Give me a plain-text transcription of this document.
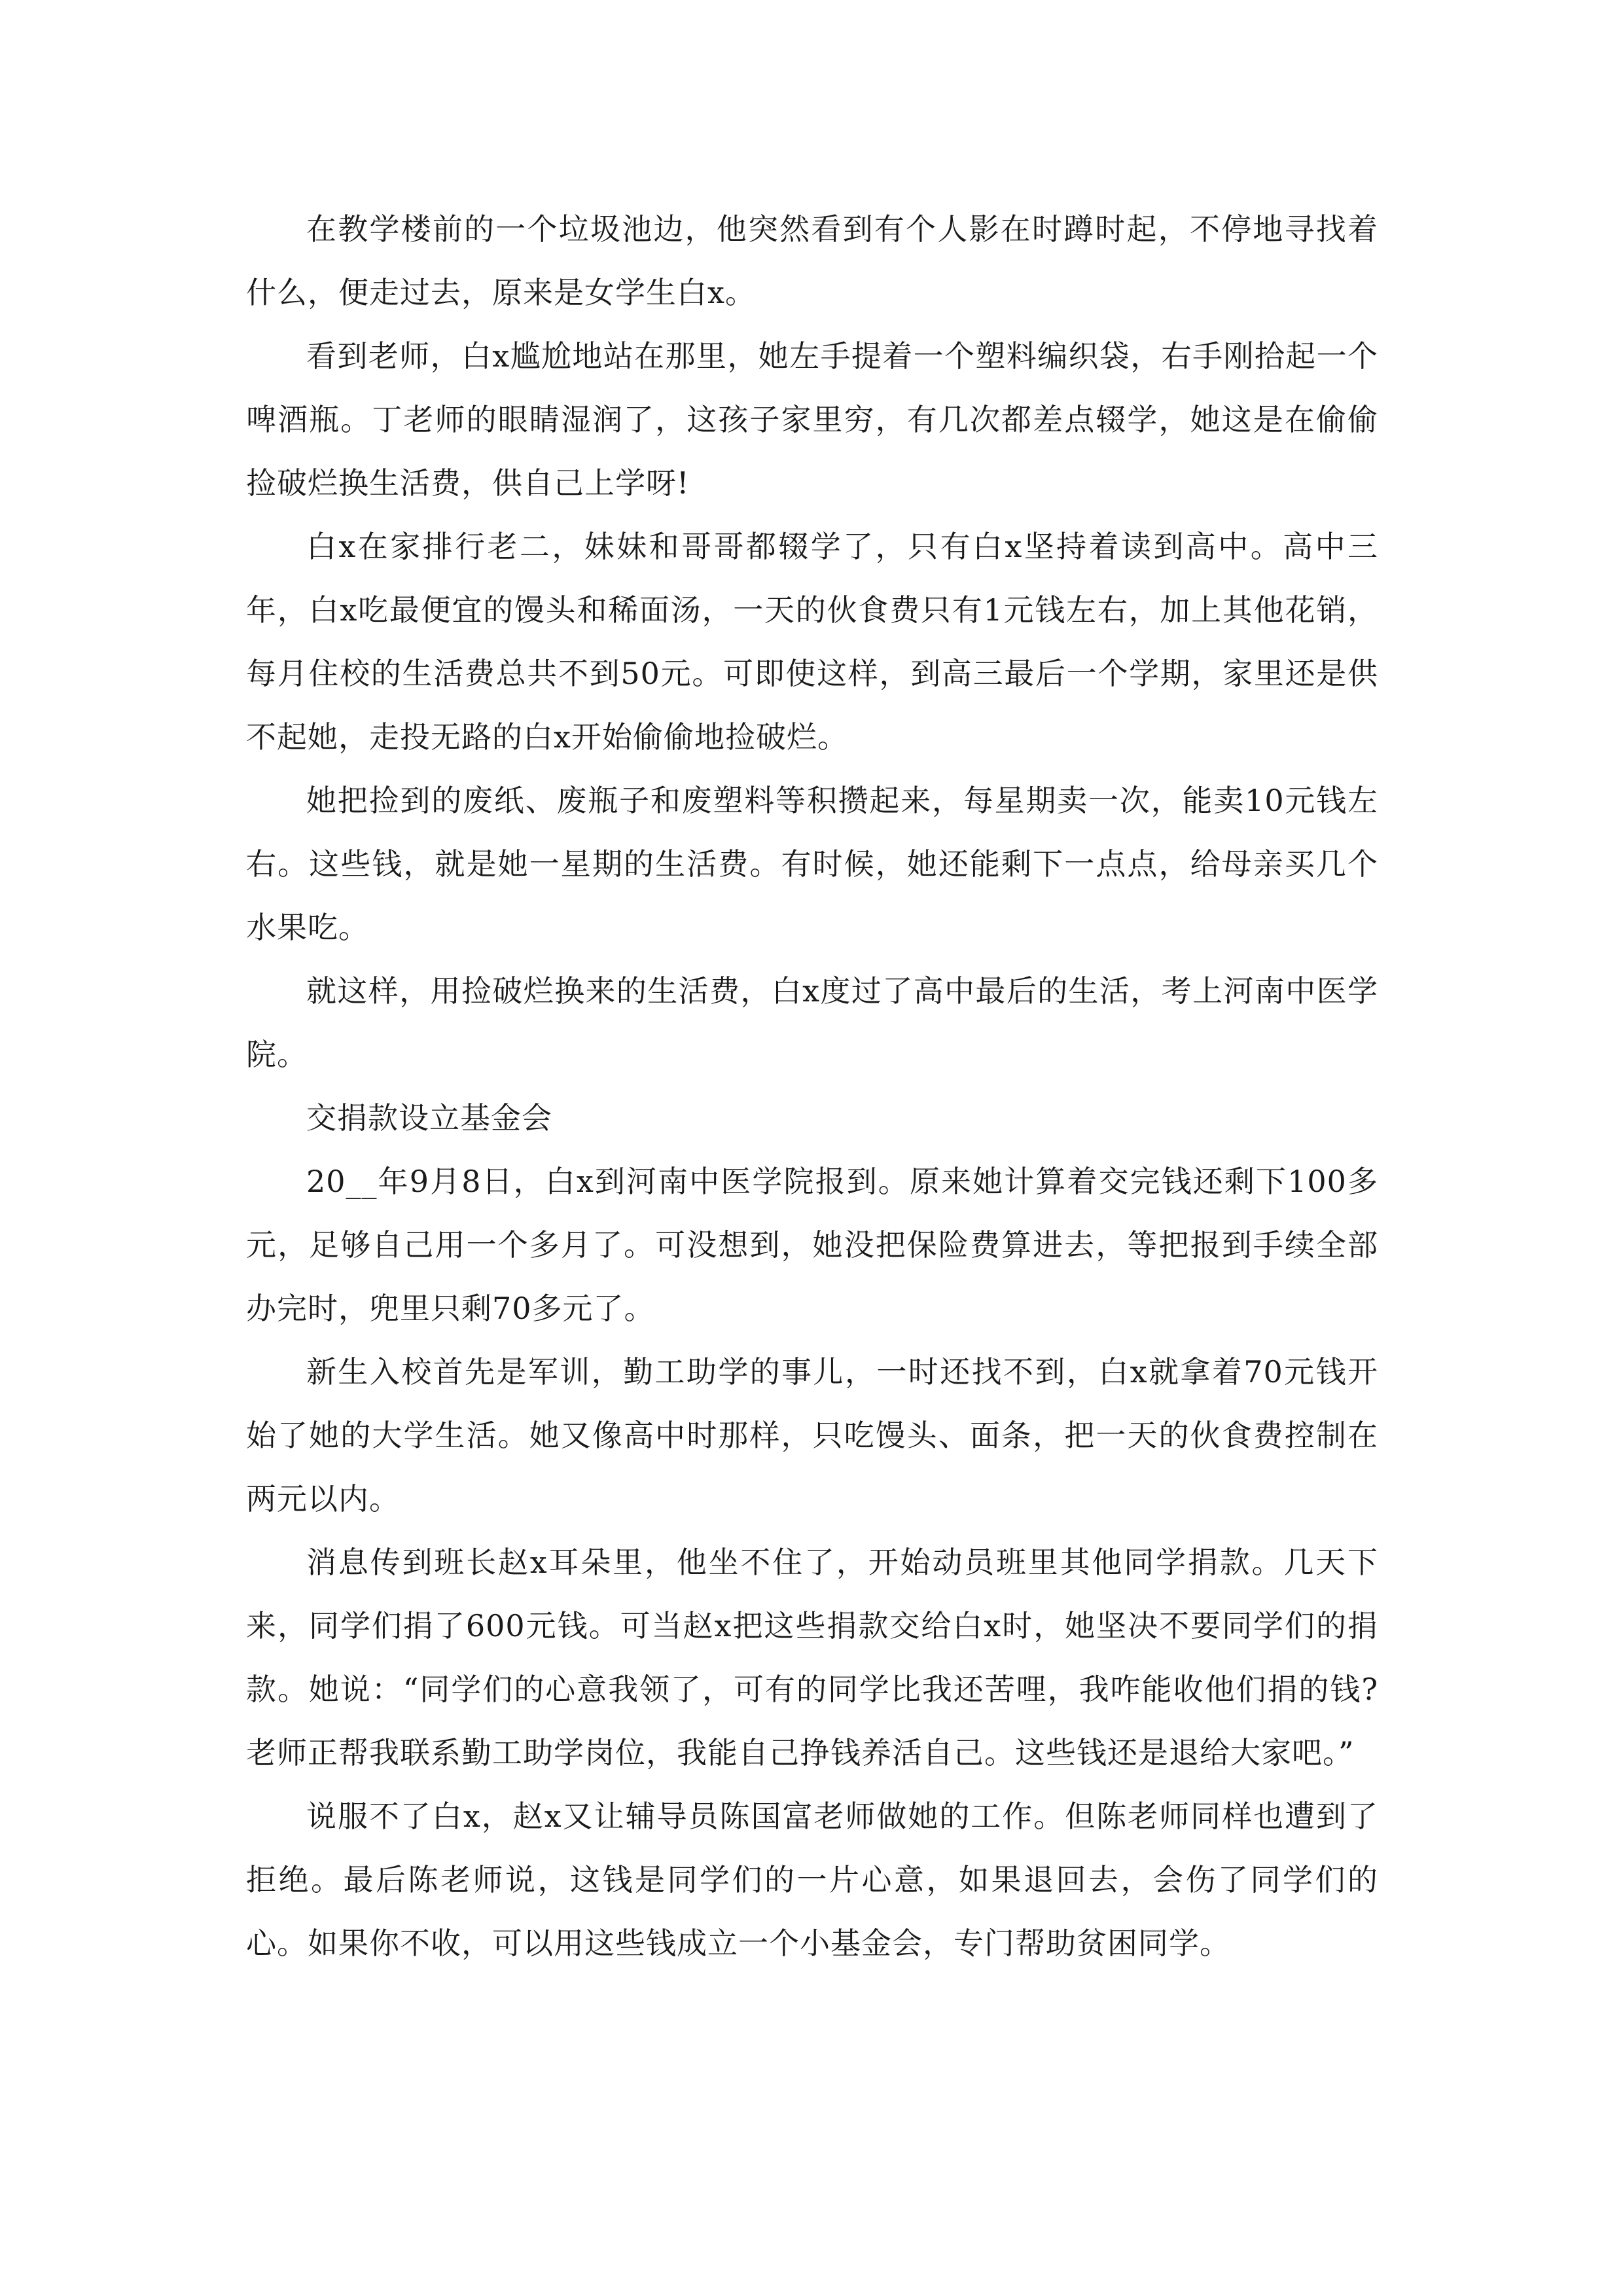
在教学楼前的一个垃圾池边，他突然看到有个人影在时蹲时起，不停地寻找着什么，便走过去，原来是女学生白x。

看到老师，白x尴尬地站在那里，她左手提着一个塑料编织袋，右手刚拾起一个啤酒瓶。丁老师的眼睛湿润了，这孩子家里穷，有几次都差点辍学，她这是在偷偷捡破烂换生活费，供自己上学呀!

白x在家排行老二，妹妹和哥哥都辍学了，只有白x坚持着读到高中。高中三年，白x吃最便宜的馒头和稀面汤，一天的伙食费只有1元钱左右，加上其他花销，每月住校的生活费总共不到50元。可即使这样，到高三最后一个学期，家里还是供不起她，走投无路的白x开始偷偷地捡破烂。

她把捡到的废纸、废瓶子和废塑料等积攒起来，每星期卖一次，能卖10元钱左右。这些钱，就是她一星期的生活费。有时候，她还能剩下一点点，给母亲买几个水果吃。

就这样，用捡破烂换来的生活费，白x度过了高中最后的生活，考上河南中医学院。

交捐款设立基金会

20__年9月8日，白x到河南中医学院报到。原来她计算着交完钱还剩下100多元，足够自己用一个多月了。可没想到，她没把保险费算进去，等把报到手续全部办完时，兜里只剩70多元了。

新生入校首先是军训，勤工助学的事儿，一时还找不到，白x就拿着70元钱开始了她的大学生活。她又像高中时那样，只吃馒头、面条，把一天的伙食费控制在两元以内。

消息传到班长赵x耳朵里，他坐不住了，开始动员班里其他同学捐款。几天下来，同学们捐了600元钱。可当赵x把这些捐款交给白x时，她坚决不要同学们的捐款。她说：“同学们的心意我领了，可有的同学比我还苦哩，我咋能收他们捐的钱?老师正帮我联系勤工助学岗位，我能自己挣钱养活自己。这些钱还是退给大家吧。”

说服不了白x，赵x又让辅导员陈国富老师做她的工作。但陈老师同样也遭到了拒绝。最后陈老师说，这钱是同学们的一片心意，如果退回去，会伤了同学们的心。如果你不收，可以用这些钱成立一个小基金会，专门帮助贫困同学。
